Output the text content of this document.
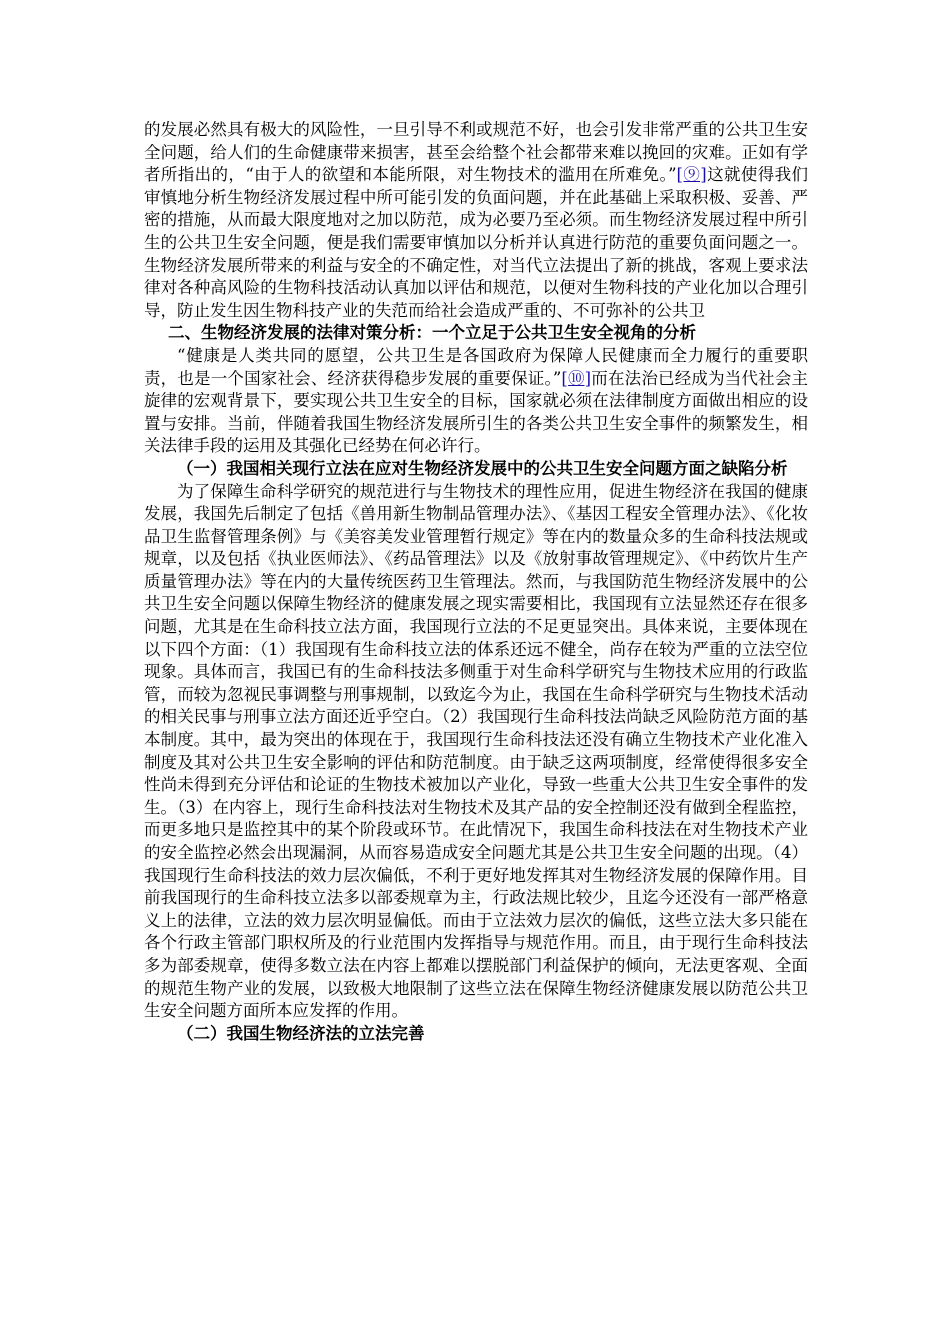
的发展必然具有极大的风险性，一旦引导不利或规范不好，也会引发非常严重的公共卫生安全问题，给人们的生命健康带来损害，甚至会给整个社会都带来难以挽回的灾难。正如有学者所指出的，“由于人的欲望和本能所限，对生物技术的滥用在所难免。”[⑨]这就使得我们审慎地分析生物经济发展过程中所可能引发的负面问题，并在此基础上采取积极、妥善、严密的措施，从而最大限度地对之加以防范，成为必要乃至必须。而生物经济发展过程中所引生的公共卫生安全问题，便是我们需要审慎加以分析并认真进行防范的重要负面问题之一。生物经济发展所带来的利益与安全的不确定性，对当代立法提出了新的挑战，客观上要求法律对各种高风险的生物科技活动认真加以评估和规范，以便对生物科技的产业化加以合理引导，防止发生因生物科技产业的失范而给社会造成严重的、不可弥补的公共卫

二、生物经济发展的法律对策分析：一个立足于公共卫生安全视角的分析

“健康是人类共同的愿望，公共卫生是各国政府为保障人民健康而全力履行的重要职责，也是一个国家社会、经济获得稳步发展的重要保证。”[⑩]而在法治已经成为当代社会主旋律的宏观背景下，要实现公共卫生安全的目标，国家就必须在法律制度方面做出相应的设置与安排。当前，伴随着我国生物经济发展所引生的各类公共卫生安全事件的频繁发生，相关法律手段的运用及其强化已经势在何必许行。

（一）我国相关现行立法在应对生物经济发展中的公共卫生安全问题方面之缺陷分析

为了保障生命科学研究的规范进行与生物技术的理性应用，促进生物经济在我国的健康发展，我国先后制定了包括《兽用新生物制品管理办法》、《基因工程安全管理办法》、《化妆品卫生监督管理条例》与《美容美发业管理暂行规定》等在内的数量众多的生命科技法规或规章，以及包括《执业医师法》、《药品管理法》以及《放射事故管理规定》、《中药饮片生产质量管理办法》等在内的大量传统医药卫生管理法。然而，与我国防范生物经济发展中的公共卫生安全问题以保障生物经济的健康发展之现实需要相比，我国现有立法显然还存在很多问题，尤其是在生命科技立法方面，我国现行立法的不足更显突出。具体来说，主要体现在以下四个方面：（1）我国现有生命科技立法的体系还远不健全，尚存在较为严重的立法空位现象。具体而言，我国已有的生命科技法多侧重于对生命科学研究与生物技术应用的行政监管，而较为忽视民事调整与刑事规制，以致迄今为止，我国在生命科学研究与生物技术活动的相关民事与刑事立法方面还近乎空白。（2）我国现行生命科技法尚缺乏风险防范方面的基本制度。其中，最为突出的体现在于，我国现行生命科技法还没有确立生物技术产业化准入制度及其对公共卫生安全影响的评估和防范制度。由于缺乏这两项制度，经常使得很多安全性尚未得到充分评估和论证的生物技术被加以产业化，导致一些重大公共卫生安全事件的发生。（3）在内容上，现行生命科技法对生物技术及其产品的安全控制还没有做到全程监控，而更多地只是监控其中的某个阶段或环节。在此情况下，我国生命科技法在对生物技术产业的安全监控必然会出现漏洞，从而容易造成安全问题尤其是公共卫生安全问题的出现。（4）我国现行生命科技法的效力层次偏低，不利于更好地发挥其对生物经济发展的保障作用。目前我国现行的生命科技立法多以部委规章为主，行政法规比较少，且迄今还没有一部严格意义上的法律，立法的效力层次明显偏低。而由于立法效力层次的偏低，这些立法大多只能在各个行政主管部门职权所及的行业范围内发挥指导与规范作用。而且，由于现行生命科技法多为部委规章，使得多数立法在内容上都难以摆脱部门利益保护的倾向，无法更客观、全面的规范生物产业的发展，以致极大地限制了这些立法在保障生物经济健康发展以防范公共卫生安全问题方面所本应发挥的作用。

（二）我国生物经济法的立法完善
